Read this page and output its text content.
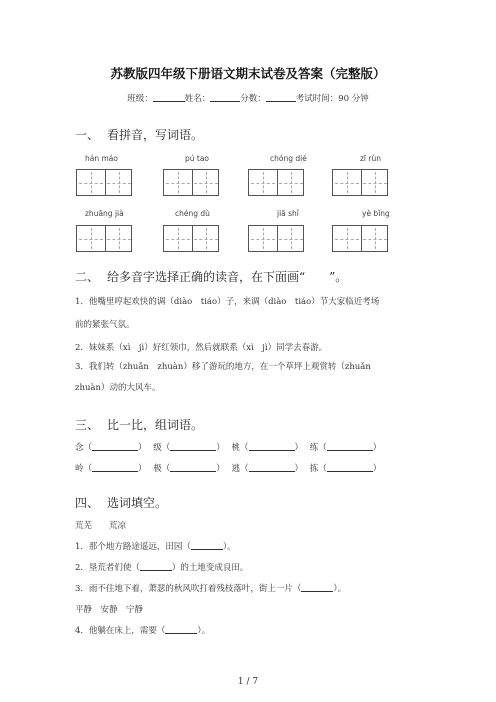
苏教版四年级下册语文期末试卷及答案（完整版）
班级：	姓名：	分数：	考试时间：90 分钟
一、 看拼音，写词语。
hán máo	pú tao	chóng dié	zī rùn
zhuāng jià	chéng dù	jiā shǐ	yè bǐng
二、 给多音字选择正确的读音，在下面画“　　”。
1．他嘴里哼起欢快的调（diào　tiáo）子，来调（diào　tiáo）节大家临近考场
前的紧张气氛。
2．妹妹系（xì　jì）好红领巾，然后就联系（xì　jì）同学去春游。
3．我们转（zhuǎn　zhuàn）移了游玩的地方，在一个草坪上观赏转（zhuǎn
zhuàn）动的大风车。
三、 比一比，组词语。
念（	） 级（	） 桃（	） 练（	）
岭（	） 极（	） 逃（	） 拣（	）
四、 选词填空。
荒芜　　荒凉
1．那个地方路途遥远，田园（	）。
2．垦荒者们使（	）的土地变成良田。
3．雨不住地下着，萧瑟的秋风吹打着残枝落叶，街上一片（	）。
平静　安静　宁静
4．他躺在床上，需要（	）。
1 / 7
